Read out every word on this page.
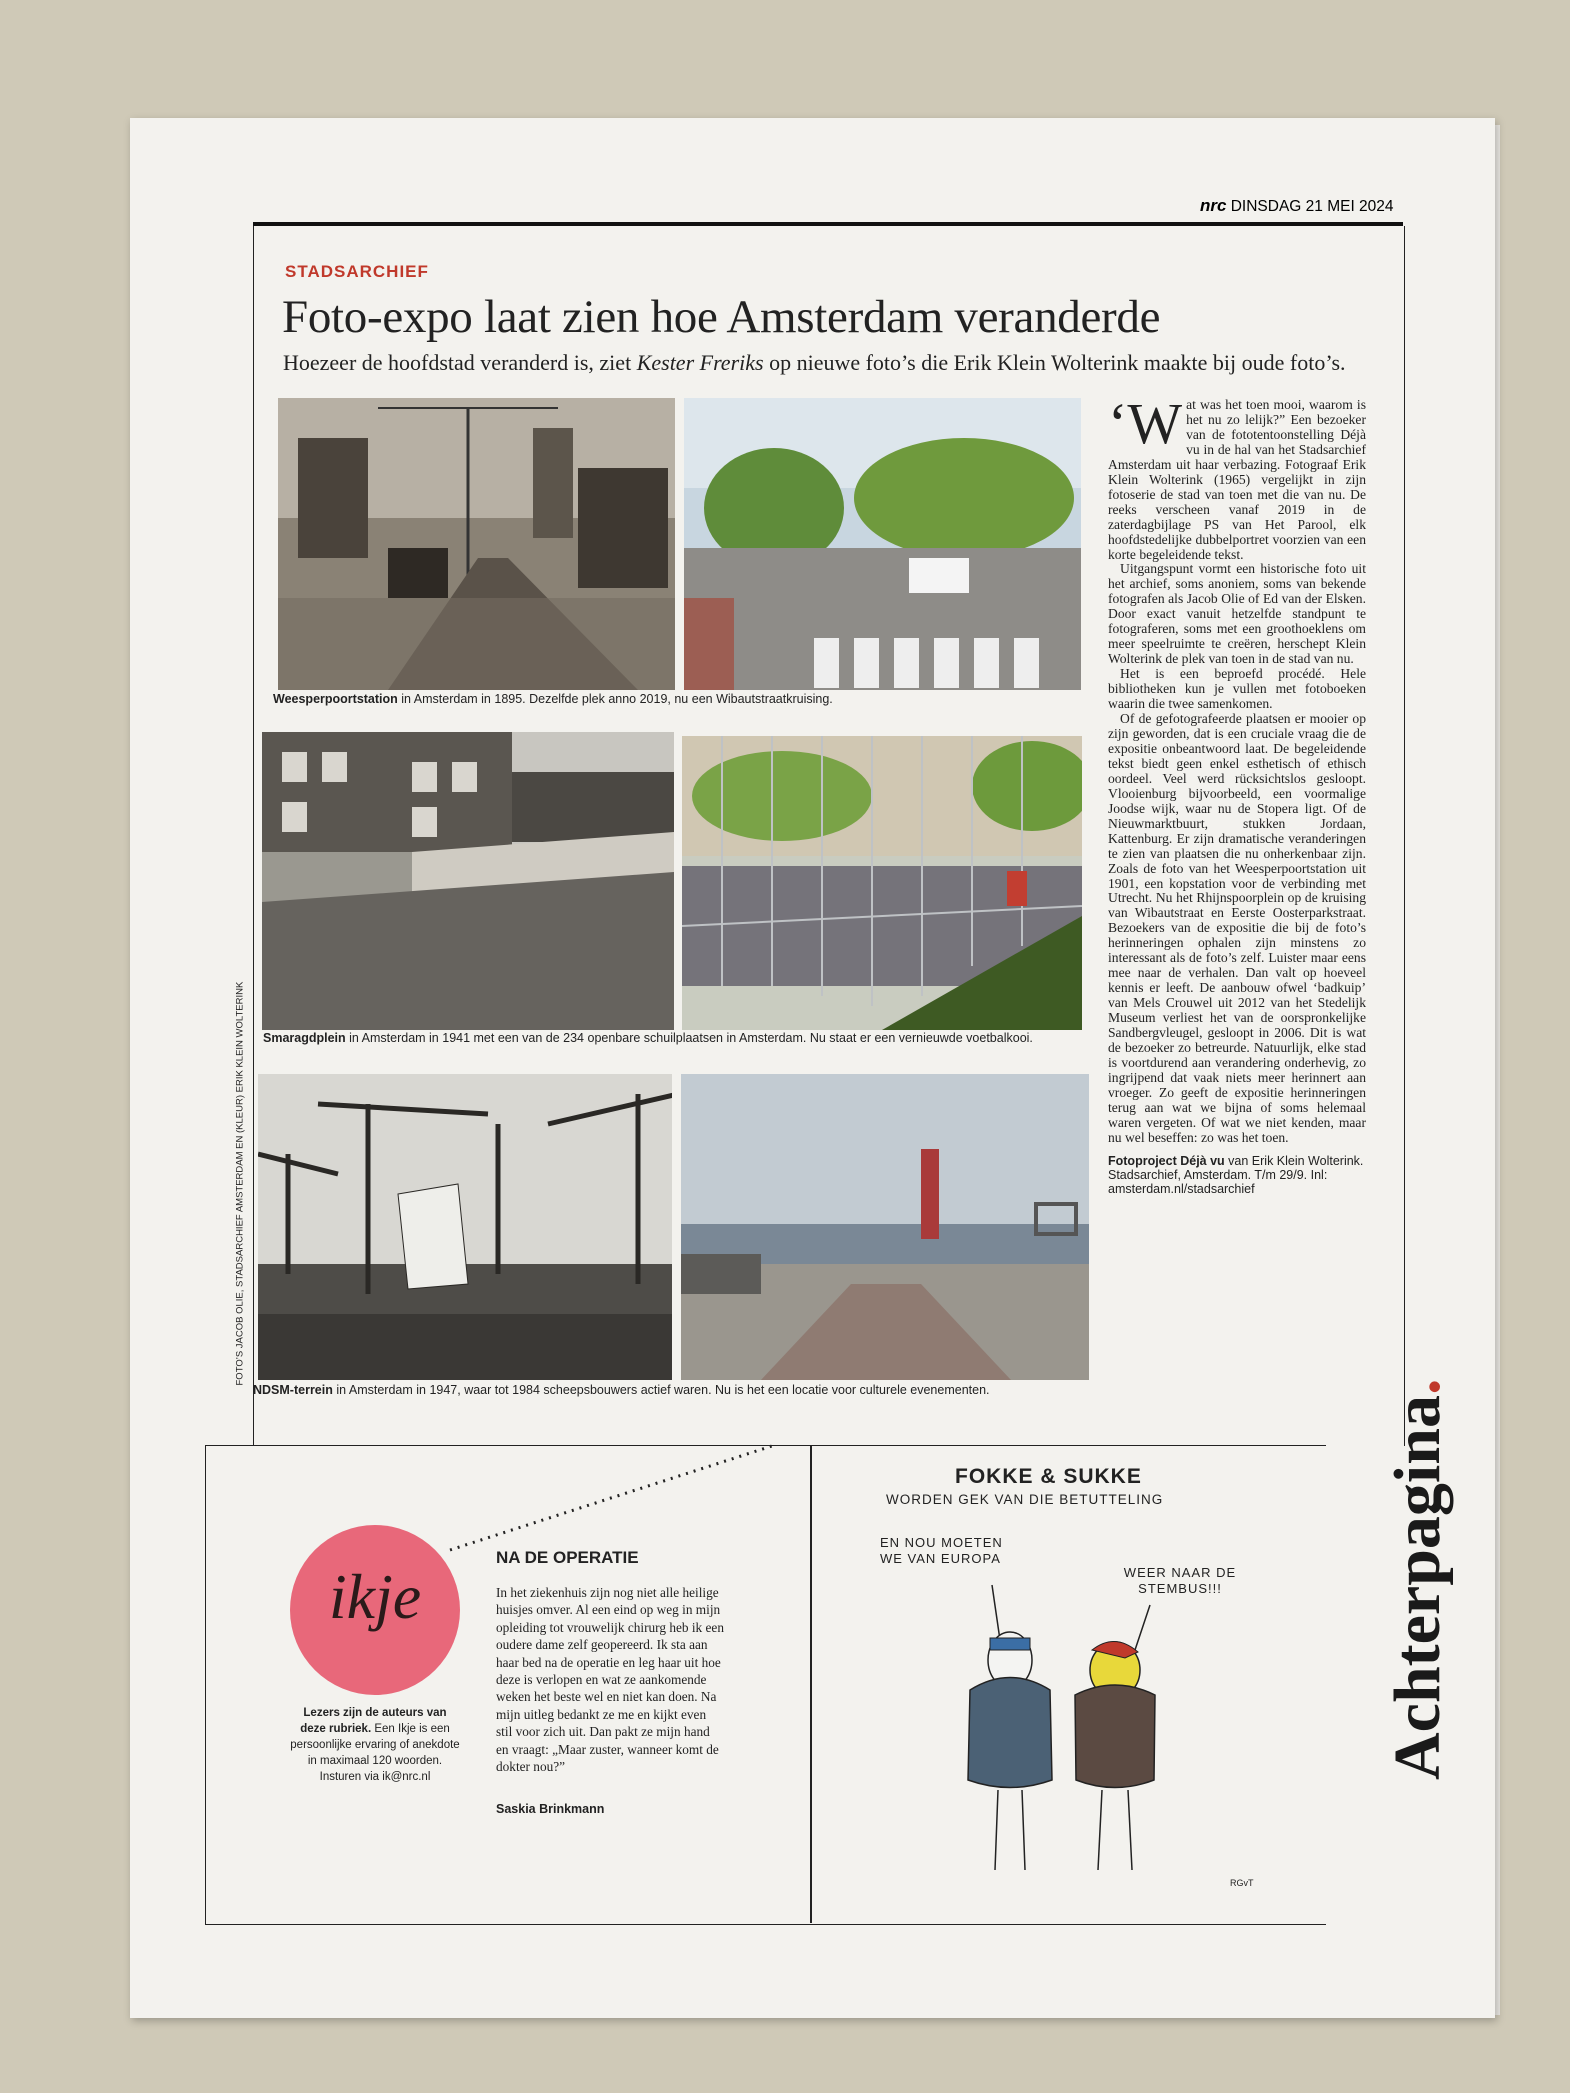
nrc DINSDAG 21 MEI 2024
STADSARCHIEF
Foto-expo laat zien hoe Amsterdam veranderde
Hoezeer de hoofdstad veranderd is, ziet Kester Freriks op nieuwe foto’s die Erik Klein Wolterink maakte bij oude foto’s.
Weesperpoortstation in Amsterdam in 1895. Dezelfde plek anno 2019, nu een Wibautstraatkruising.
Smaragdplein in Amsterdam in 1941 met een van de 234 openbare schuilplaatsen in Amsterdam. Nu staat er een vernieuwde voetbalkooi.
NDSM-terrein in Amsterdam in 1947, waar tot 1984 scheepsbouwers actief waren. Nu is het een locatie voor culturele evenementen.
FOTO’S JACOB OLIE, STADSARCHIEF AMSTERDAM EN (KLEUR) ERIK KLEIN WOLTERINK
‘W at was het toen mooi, waarom is het nu zo lelijk?” Een bezoeker van de fototentoonstelling Déjà vu in de hal van het Stadsarchief Amsterdam uit haar verbazing. Fotograaf Erik Klein Wolterink (1965) vergelijkt in zijn fotoserie de stad van toen met die van nu. De reeks verscheen vanaf 2019 in de zaterdagbijlage PS van Het Parool, elk hoofdstedelijke dubbelportret voorzien van een korte begeleidende tekst.
Uitgangspunt vormt een historische foto uit het archief, soms anoniem, soms van bekende fotografen als Jacob Olie of Ed van der Elsken. Door exact vanuit hetzelfde standpunt te fotograferen, soms met een groothoeklens om meer speelruimte te creëren, herschept Klein Wolterink de plek van toen in de stad van nu.
Het is een beproefd procédé. Hele bibliotheken kun je vullen met fotoboeken waarin die twee samenkomen.
Of de gefotografeerde plaatsen er mooier op zijn geworden, dat is een cruciale vraag die de expositie onbeantwoord laat. De begeleidende tekst biedt geen enkel esthetisch of ethisch oordeel. Veel werd rücksichtslos gesloopt. Vlooienburg bijvoorbeeld, een voormalige Joodse wijk, waar nu de Stopera ligt. Of de Nieuwmarktbuurt, stukken Jordaan, Kattenburg. Er zijn dramatische veranderingen te zien van plaatsen die nu onherkenbaar zijn. Zoals de foto van het Weesperpoortstation uit 1901, een kopstation voor de verbinding met Utrecht. Nu het Rhijnspoorplein op de kruising van Wibautstraat en Eerste Oosterparkstraat. Bezoekers van de expositie die bij de foto’s herinneringen ophalen zijn minstens zo interessant als de foto’s zelf. Luister maar eens mee naar de verhalen. Dan valt op hoeveel kennis er leeft. De aanbouw ofwel ‘badkuip’ van Mels Crouwel uit 2012 van het Stedelijk Museum verliest het van de oorspronkelijke Sandbergvleugel, gesloopt in 2006. Dit is wat de bezoeker zo betreurde. Natuurlijk, elke stad is voortdurend aan verandering onderhevig, zo ingrijpend dat vaak niets meer herinnert aan vroeger. Zo geeft de expositie herinneringen terug aan wat we bijna of soms helemaal waren vergeten. Of wat we niet kenden, maar nu wel beseffen: zo was het toen.
Fotoproject Déjà vu van Erik Klein Wolterink. Stadsarchief, Amsterdam. T/m 29/9. Inl: amsterdam.nl/stadsarchief
ikje
Lezers zijn de auteurs van deze rubriek. Een Ikje is een persoonlijke ervaring of anekdote in maximaal 120 woorden. Insturen via ik@nrc.nl
NA DE OPERATIE
In het ziekenhuis zijn nog niet alle heilige huisjes omver. Al een eind op weg in mijn opleiding tot vrouwelijk chirurg heb ik een oudere dame zelf geopereerd. Ik sta aan haar bed na de operatie en leg haar uit hoe deze is verlopen en wat ze aankomende weken het beste wel en niet kan doen. Na mijn uitleg bedankt ze me en kijkt even stil voor zich uit. Dan pakt ze mijn hand en vraagt: „Maar zuster, wanneer komt de dokter nou?”
Saskia Brinkmann
FOKKE & SUKKE
WORDEN GEK VAN DIE BETUTTELING
EN NOU MOETEN WE VAN EUROPA
WEER NAAR DE STEMBUS!!!
RGvT
Achterpagina.
